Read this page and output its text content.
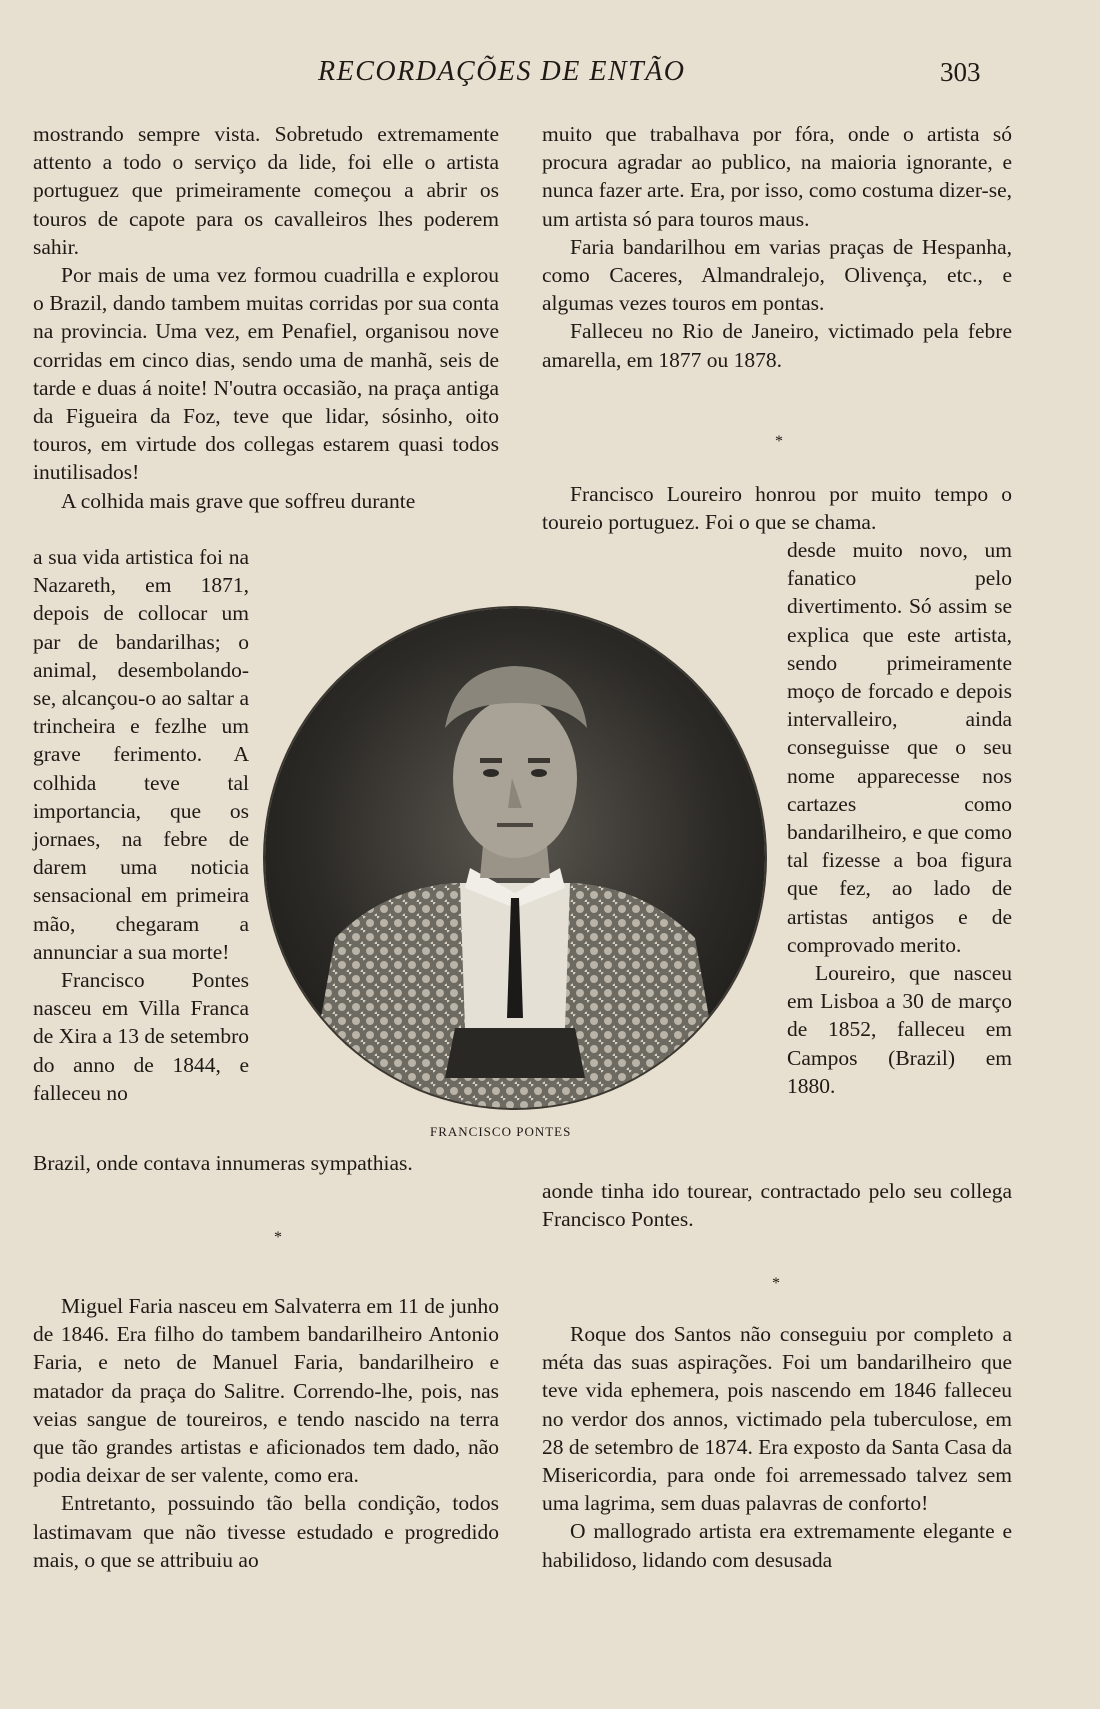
RECORDAÇÕES DE ENTÃO	303

mostrando sempre vista. Sobretudo extremamente attento a todo o serviço da lide, foi elle o artista portuguez que primeiramente começou a abrir os touros de capote para os cavalleiros lhes poderem sahir.

Por mais de uma vez formou cuadrilla e explorou o Brazil, dando tambem muitas corridas por sua conta na provincia. Uma vez, em Penafiel, organisou nove corridas em cinco dias, sendo uma de manhã, seis de tarde e duas á noite! N'outra occasião, na praça antiga da Figueira da Foz, teve que lidar, sósinho, oito touros, em virtude dos collegas estarem quasi todos inutilisados!

A colhida mais grave que soffreu durante

a sua vida artistica foi na Nazareth, em 1871, depois de collocar um par de bandarilhas; o animal, desembolando-se, alcançou-o ao saltar a trincheira e fezlhe um grave ferimento. A colhida teve tal importancia, que os jornaes, na febre de darem uma noticia sensacional em primeira mão, chegaram a annunciar a sua morte!

Francisco Pontes nasceu em Villa Franca de Xira a 13 de setembro do anno de 1844, e falleceu no

Brazil, onde contava innumeras sympathias.

*

Miguel Faria nasceu em Salvaterra em 11 de junho de 1846. Era filho do tambem bandarilheiro Antonio Faria, e neto de Manuel Faria, bandarilheiro e matador da praça do Salitre. Correndo-lhe, pois, nas veias sangue de toureiros, e tendo nascido na terra que tão grandes artistas e aficionados tem dado, não podia deixar de ser valente, como era.

Entretanto, possuindo tão bella condição, todos lastimavam que não tivesse estudado e progredido mais, o que se attribuiu ao

muito que trabalhava por fóra, onde o artista só procura agradar ao publico, na maioria ignorante, e nunca fazer arte. Era, por isso, como costuma dizer-se, um artista só para touros maus.

Faria bandarilhou em varias praças de Hespanha, como Caceres, Almandralejo, Olivença, etc., e algumas vezes touros em pontas.

Falleceu no Rio de Janeiro, victimado pela febre amarella, em 1877 ou 1878.

*

Francisco Loureiro honrou por muito tempo o toureio portuguez. Foi o que se chama.

desde muito novo, um fanatico pelo divertimento. Só assim se explica que este artista, sendo primeiramente moço de forcado e depois intervalleiro, ainda conseguisse que o seu nome apparecesse nos cartazes como bandarilheiro, e que como tal fizesse a boa figura que fez, ao lado de artistas antigos e de comprovado merito.

Loureiro, que nasceu em Lisboa a 30 de março de 1852, falleceu em Campos (Brazil) em 1880.

aonde tinha ido tourear, contractado pelo seu collega Francisco Pontes.

*

Roque dos Santos não conseguiu por completo a méta das suas aspirações. Foi um bandarilheiro que teve vida ephemera, pois nascendo em 1846 falleceu no verdor dos annos, victimado pela tuberculose, em 28 de setembro de 1874. Era exposto da Santa Casa da Misericordia, para onde foi arremessado talvez sem uma lagrima, sem duas palavras de conforto!

O mallogrado artista era extremamente elegante e habilidoso, lidando com desusada

FRANCISCO PONTES
